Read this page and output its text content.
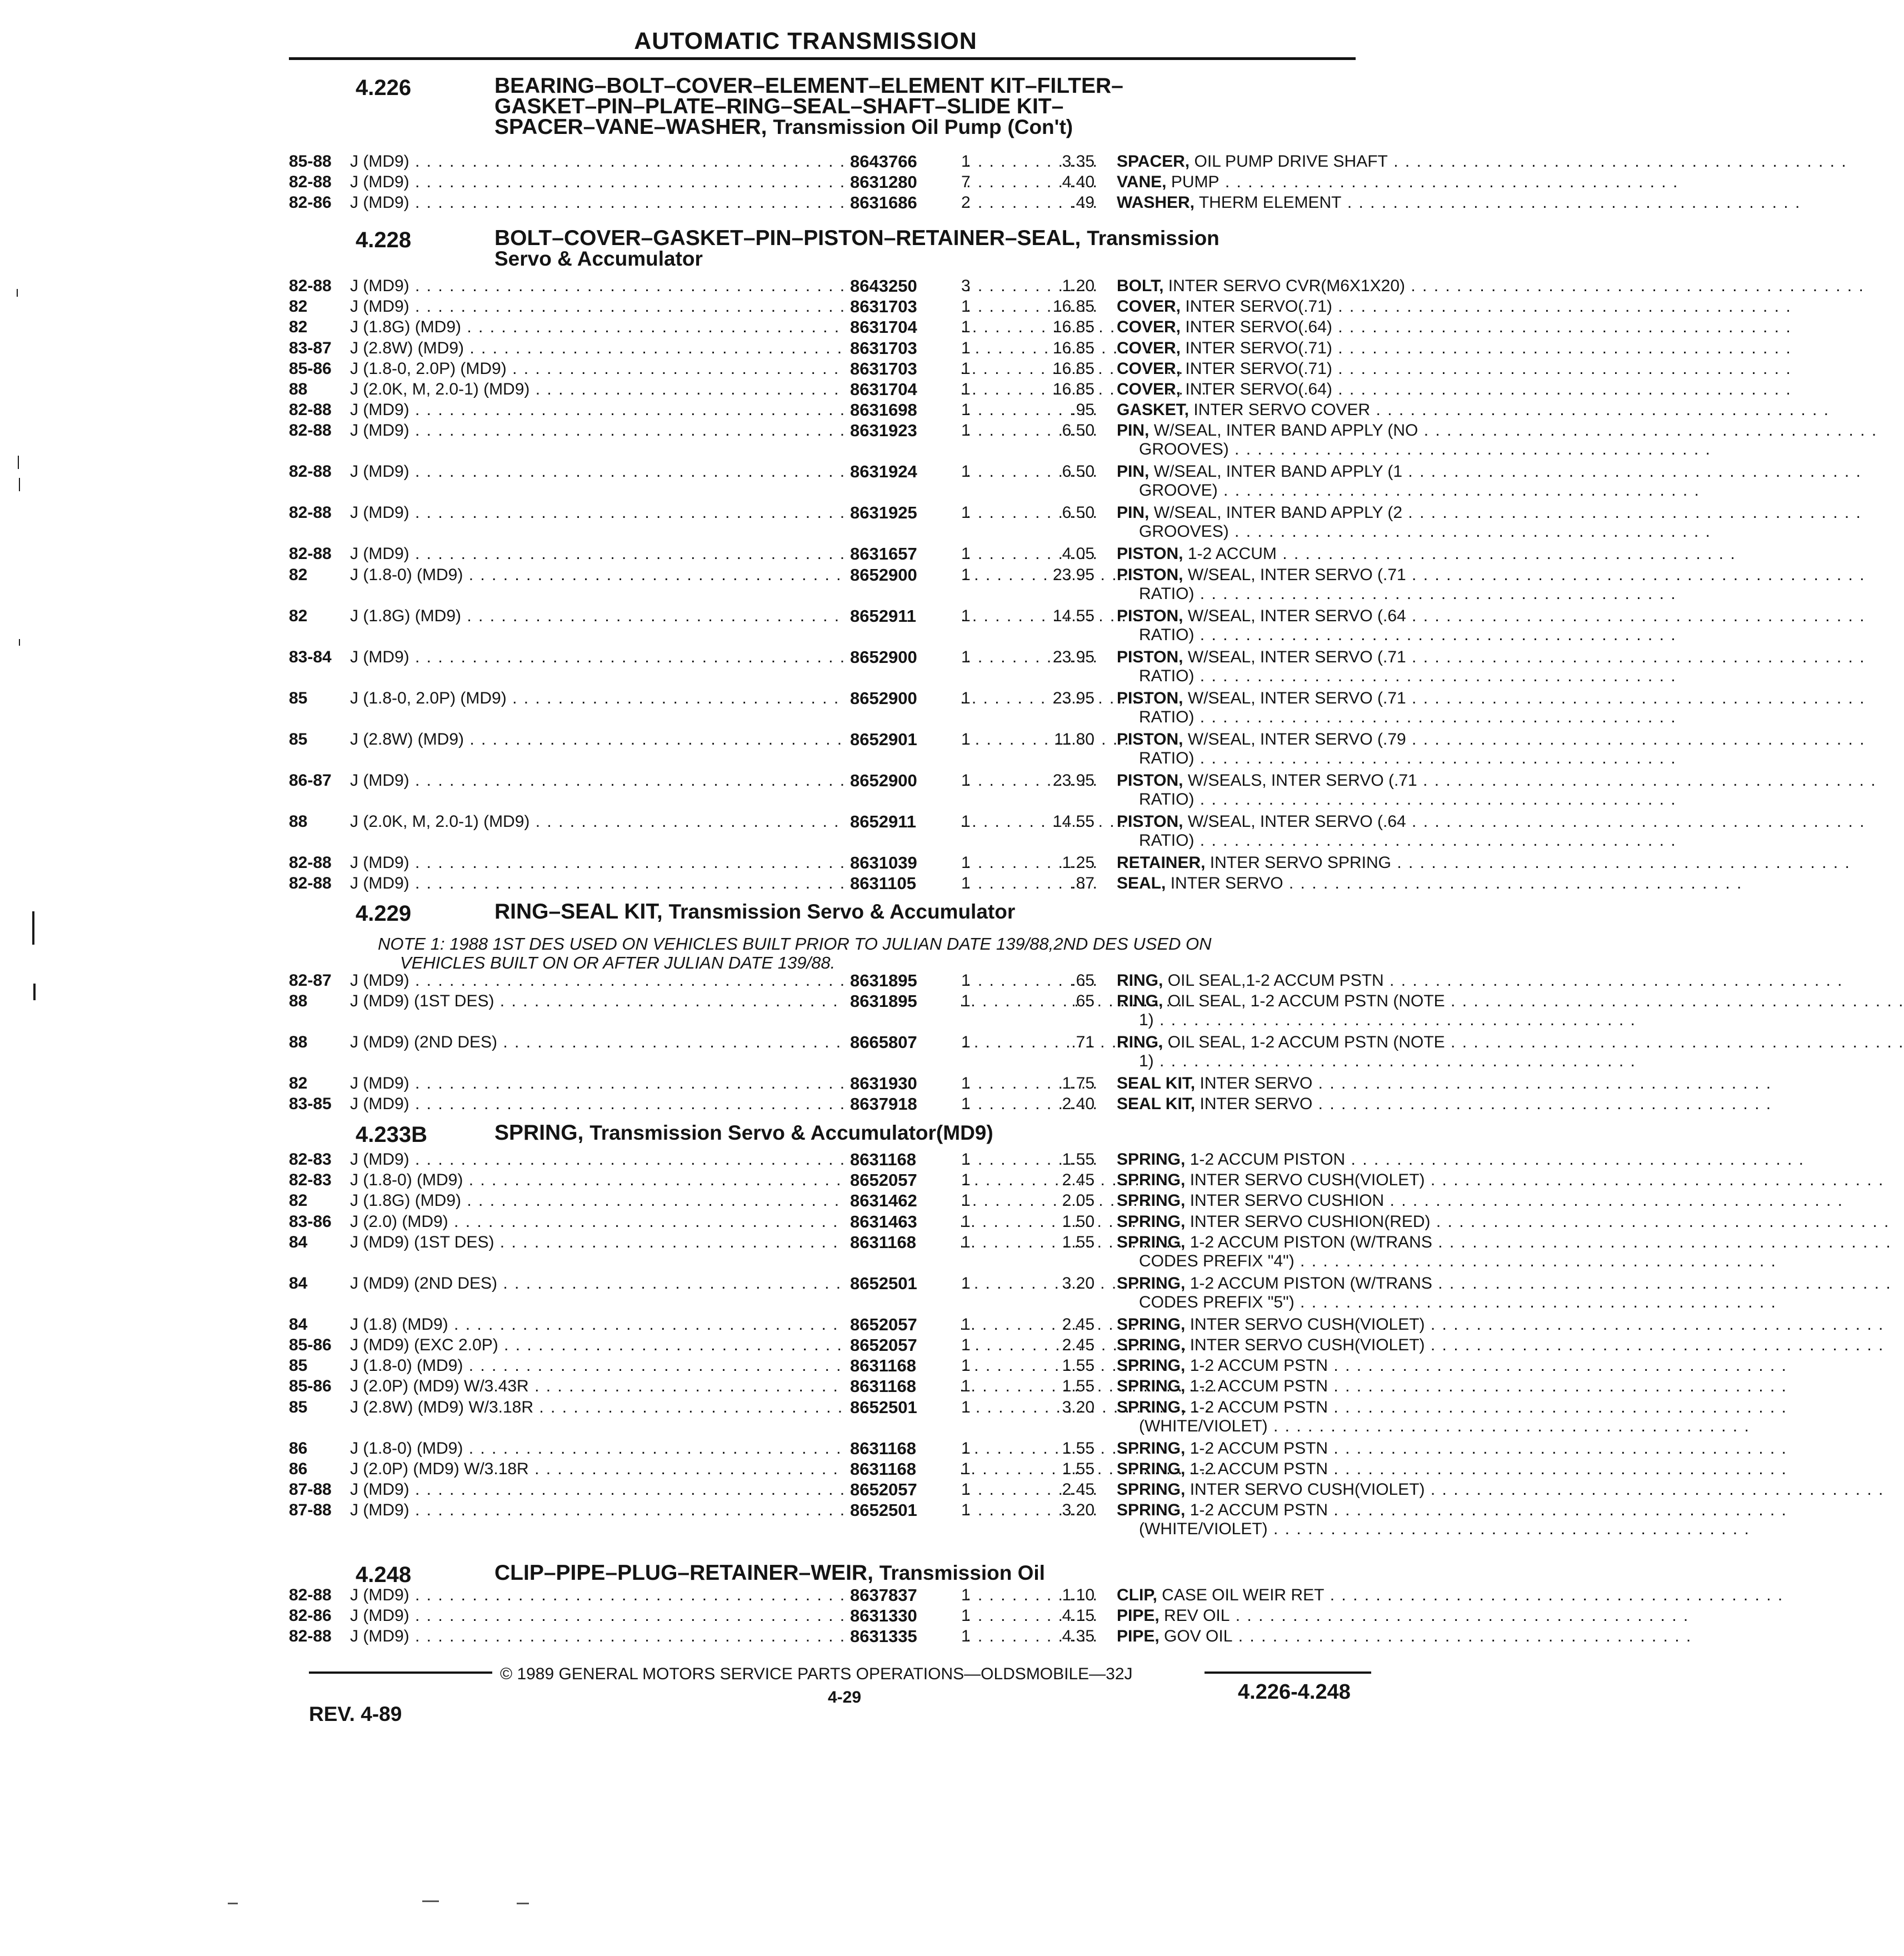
AUTOMATIC TRANSMISSION
4.226	BEARING–BOLT–COVER–ELEMENT–ELEMENT KIT–FILTER–
GASKET–PIN–PLATE–RING–SEAL–SHAFT–SLIDE KIT–
SPACER–VANE–WASHER, Transmission Oil Pump (Con't)
85-88	J (MD9) . . .	8643766	1	3.35 SPACER, OIL PUMP DRIVE SHAFT . . .
82-88	J (MD9) . . .	8631280	7	4.40 VANE, PUMP . . .
82-86	J (MD9) . . .	8631686	2	.49 WASHER, THERM ELEMENT . . .
4.228	BOLT–COVER–GASKET–PIN–PISTON–RETAINER–SEAL, Transmission
Servo & Accumulator
82-88	J (MD9) . . .	8643250	3	1.20 BOLT, INTER SERVO CVR(M6X1X20) . . .
82	J (MD9) . . .	8631703	1	16.85 COVER, INTER SERVO(.71) . . .
82	J (1.8G) (MD9) . . .	8631704	1	16.85 COVER, INTER SERVO(.64) . . .
83-87	J (2.8W) (MD9) . . .	8631703	1	16.85 COVER, INTER SERVO(.71) . . .
85-86	J (1.8-0, 2.0P) (MD9) . . .	8631703	1	16.85 COVER, INTER SERVO(.71) . . .
88	J (2.0K, M, 2.0-1) (MD9) . . .	8631704	1	16.85 COVER, INTER SERVO(.64) . . .
82-88	J (MD9) . . .	8631698	1	.95 GASKET, INTER SERVO COVER . . .
82-88	J (MD9) . . .	8631923	1	6.50 PIN, W/SEAL, INTER BAND APPLY (NO . . .
GROOVES) . . .
82-88	J (MD9) . . .	8631924	1	6.50 PIN, W/SEAL, INTER BAND APPLY (1 . . .
GROOVE) . . .
82-88	J (MD9) . . .	8631925	1	6.50 PIN, W/SEAL, INTER BAND APPLY (2 . . .
GROOVES) . . .
82-88	J (MD9) . . .	8631657	1	4.05 PISTON, 1-2 ACCUM . . .
82	J (1.8-0) (MD9) . . .	8652900	1	23.95 PISTON, W/SEAL, INTER SERVO (.71 . . .
RATIO) . . .
82	J (1.8G) (MD9) . . .	8652911	1	14.55 PISTON, W/SEAL, INTER SERVO (.64 . . .
RATIO) . . .
83-84	J (MD9) . . .	8652900	1	23.95 PISTON, W/SEAL, INTER SERVO (.71 . . .
RATIO) . . .
85	J (1.8-0, 2.0P) (MD9) . . .	8652900	1	23.95 PISTON, W/SEAL, INTER SERVO (.71 . . .
RATIO) . . .
85	J (2.8W) (MD9) . . .	8652901	1	11.80 PISTON, W/SEAL, INTER SERVO (.79 . . .
RATIO) . . .
86-87	J (MD9) . . .	8652900	1	23.95 PISTON, W/SEALS, INTER SERVO (.71 . . .
RATIO) . . .
88	J (2.0K, M, 2.0-1) (MD9) . . .	8652911	1	14.55 PISTON, W/SEAL, INTER SERVO (.64 . . .
RATIO) . . .
82-88	J (MD9) . . .	8631039	1	1.25 RETAINER, INTER SERVO SPRING . . .
82-88	J (MD9) . . .	8631105	1	.87 SEAL, INTER SERVO . . .
4.229	RING–SEAL KIT, Transmission Servo & Accumulator
NOTE 1: 1988 1ST DES USED ON VEHICLES BUILT PRIOR TO JULIAN DATE 139/88,2ND DES USED ON
VEHICLES BUILT ON OR AFTER JULIAN DATE 139/88.
82-87	J (MD9) . . .	8631895	1	.65 RING, OIL SEAL,1-2 ACCUM PSTN . . .
88	J (MD9) (1ST DES) . . .	8631895	1	.65 RING, OIL SEAL, 1-2 ACCUM PSTN (NOTE . . .
1) . . .
88	J (MD9) (2ND DES) . . .	8665807	1	.71 RING, OIL SEAL, 1-2 ACCUM PSTN (NOTE . . .
1) . . .
82	J (MD9) . . .	8631930	1	1.75 SEAL KIT, INTER SERVO . . .
83-85	J (MD9) . . .	8637918	1	2.40 SEAL KIT, INTER SERVO . . .
4.233B	SPRING, Transmission Servo & Accumulator(MD9)
82-83	J (MD9) . . .	8631168	1	1.55 SPRING, 1-2 ACCUM PISTON . . .
82-83	J (1.8-0) (MD9) . . .	8652057	1	2.45 SPRING, INTER SERVO CUSH(VIOLET) . . .
82	J (1.8G) (MD9) . . .	8631462	1	2.05 SPRING, INTER SERVO CUSHION . . .
83-86	J (2.0) (MD9) . . .	8631463	1	1.50 SPRING, INTER SERVO CUSHION(RED) . . .
84	J (MD9) (1ST DES) . . .	8631168	1	1.55 SPRING, 1-2 ACCUM PISTON (W/TRANS . . .
CODES PREFIX "4") . . .
84	J (MD9) (2ND DES) . . .	8652501	1	3.20 SPRING, 1-2 ACCUM PISTON (W/TRANS . . .
CODES PREFIX "5") . . .
84	J (1.8) (MD9) . . .	8652057	1	2.45 SPRING, INTER SERVO CUSH(VIOLET) . . .
85-86	J (MD9) (EXC 2.0P) . . .	8652057	1	2.45 SPRING, INTER SERVO CUSH(VIOLET) . . .
85	J (1.8-0) (MD9) . . .	8631168	1	1.55 SPRING, 1-2 ACCUM PSTN . . .
85-86	J (2.0P) (MD9) W/3.43R . . .	8631168	1	1.55 SPRING, 1-2 ACCUM PSTN . . .
85	J (2.8W) (MD9) W/3.18R . . .	8652501	1	3.20 SPRING, 1-2 ACCUM PSTN . . .
(WHITE/VIOLET) . . .
86	J (1.8-0) (MD9) . . .	8631168	1	1.55 SPRING, 1-2 ACCUM PSTN . . .
86	J (2.0P) (MD9) W/3.18R . . .	8631168	1	1.55 SPRING, 1-2 ACCUM PSTN . . .
87-88	J (MD9) . . .	8652057	1	2.45 SPRING, INTER SERVO CUSH(VIOLET) . . .
87-88	J (MD9) . . .	8652501	1	3.20 SPRING, 1-2 ACCUM PSTN . . .
(WHITE/VIOLET) . . .
4.248	CLIP–PIPE–PLUG–RETAINER–WEIR, Transmission Oil
82-88	J (MD9) . . .	8637837	1	1.10 CLIP, CASE OIL WEIR RET . . .
82-86	J (MD9) . . .	8631330	1	4.15 PIPE, REV OIL . . .
82-88	J (MD9) . . .	8631335	1	4.35 PIPE, GOV OIL . . .
© 1989 GENERAL MOTORS SERVICE PARTS OPERATIONS—OLDSMOBILE—32J
4-29
REV. 4-89
4.226-4.248
